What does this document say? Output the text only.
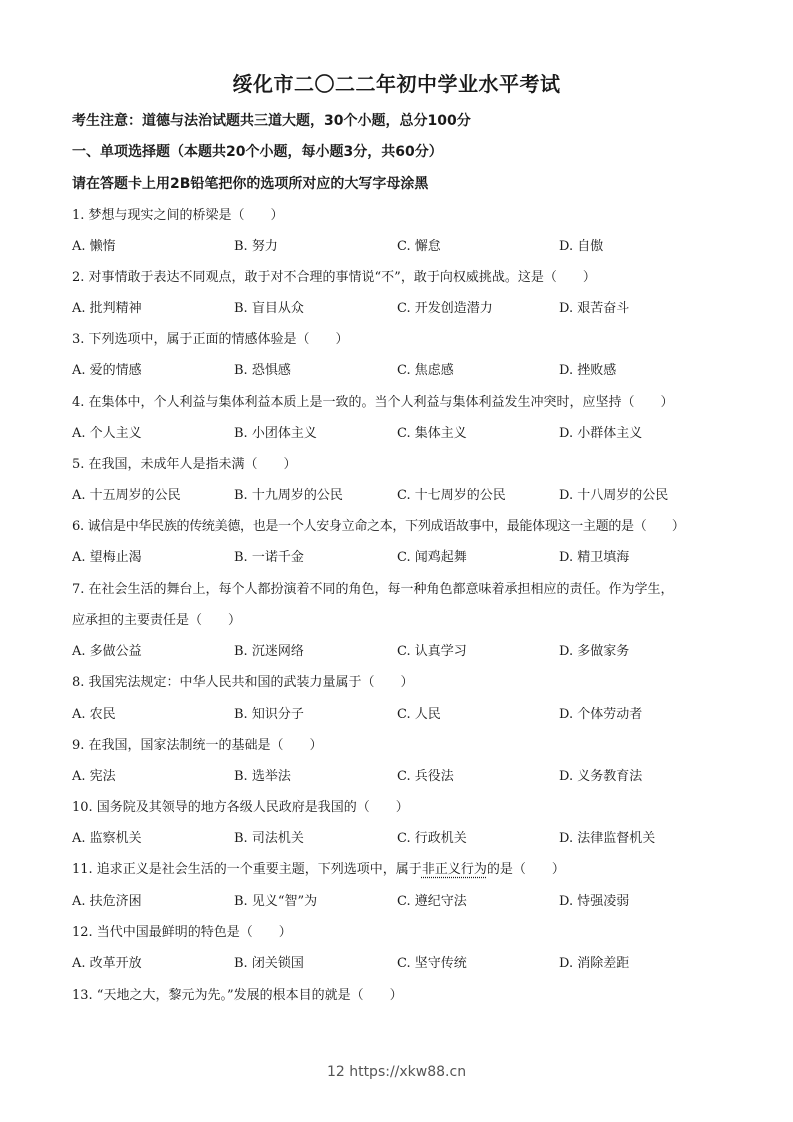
绥化市二〇二二年初中学业水平考试
考生注意：道德与法治试题共三道大题，30个小题，总分100分
一、单项选择题（本题共20个小题，每小题3分，共60分）
请在答题卡上用2B铅笔把你的选项所对应的大写字母涂黑
1. 梦想与现实之间的桥梁是（　　）
A. 懒惰	B. 努力	C. 懈怠	D. 自傲
2. 对事情敢于表达不同观点，敢于对不合理的事情说“不”，敢于向权威挑战。这是（　　）
A. 批判精神	B. 盲目从众	C. 开发创造潜力	D. 艰苦奋斗
3. 下列选项中，属于正面的情感体验是（　　）
A. 爱的情感	B. 恐惧感	C. 焦虑感	D. 挫败感
4. 在集体中，个人利益与集体利益本质上是一致的。当个人利益与集体利益发生冲突时，应坚持（　　）
A. 个人主义	B. 小团体主义	C. 集体主义	D. 小群体主义
5. 在我国，未成年人是指未满（　　）
A. 十五周岁的公民	B. 十九周岁的公民	C. 十七周岁的公民	D. 十八周岁的公民
6. 诚信是中华民族的传统美德，也是一个人安身立命之本，下列成语故事中，最能体现这一主题的是（　　）
A. 望梅止渴	B. 一诺千金	C. 闻鸡起舞	D. 精卫填海
7. 在社会生活的舞台上，每个人都扮演着不同的角色，每一种角色都意味着承担相应的责任。作为学生，
应承担的主要责任是（　　）
A. 多做公益	B. 沉迷网络	C. 认真学习	D. 多做家务
8. 我国宪法规定：中华人民共和国的武装力量属于（　　）
A. 农民	B. 知识分子	C. 人民	D. 个体劳动者
9. 在我国，国家法制统一的基础是（　　）
A. 宪法	B. 选举法	C. 兵役法	D. 义务教育法
10. 国务院及其领导的地方各级人民政府是我国的（　　）
A. 监察机关	B. 司法机关	C. 行政机关	D. 法律监督机关
11. 追求正义是社会生活的一个重要主题，下列选项中，属于非正义行为的是（　　）
A. 扶危济困	B. 见义“智”为	C. 遵纪守法	D. 恃强凌弱
12. 当代中国最鲜明的特色是（　　）
A. 改革开放	B. 闭关锁国	C. 坚守传统	D. 消除差距
13. “天地之大，黎元为先。”发展的根本目的就是（　　）
12 https://xkw88.cn
